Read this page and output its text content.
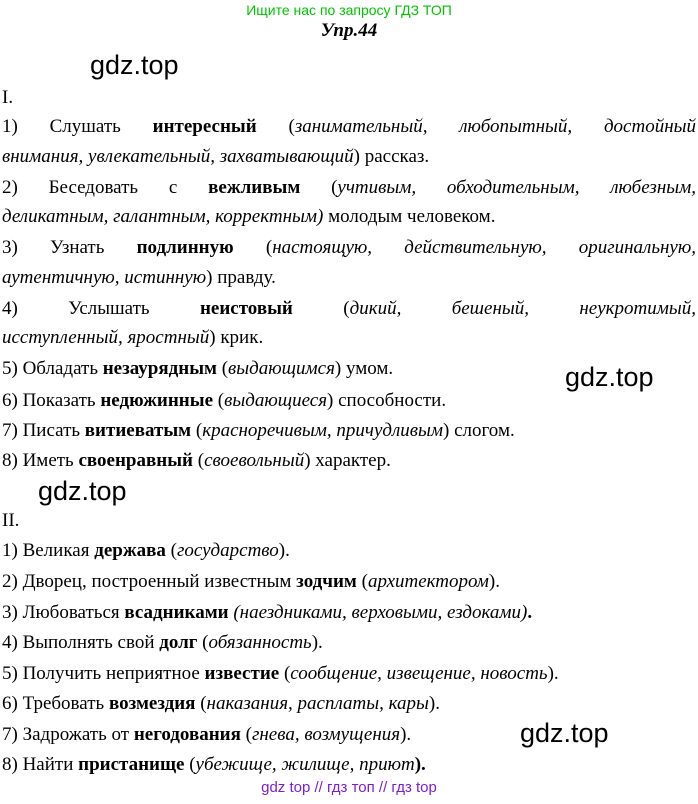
Ищите нас по запросу ГДЗ ТОП
Упр.44
gdz.top
gdz.top
gdz.top
gdz.top
I.
1) Слушать интересный (занимательный, любопытный, достойный
внимания, увлекательный, захватывающий) рассказ.
2) Беседовать с вежливым (учтивым, обходительным, любезным,
деликатным, галантным, корректным) молодым человеком.
3) Узнать подлинную (настоящую, действительную, оригинальную,
аутентичную, истинную) правду.
4) Услышать неистовый (дикий, бешеный, неукротимый,
исступленный, яростный) крик.
5) Обладать незаурядным (выдающимся) умом.
6) Показать недюжинные (выдающиеся) способности.
7) Писать витиеватым (красноречивым, причудливым) слогом.
8) Иметь своенравный (своевольный) характер.
II.
1) Великая держава (государство).
2) Дворец, построенный известным зодчим (архитектором).
3) Любоваться всадниками (наездниками, верховыми, ездоками).
4) Выполнять свой долг (обязанность).
5) Получить неприятное известие (сообщение, извещение, новость).
6) Требовать возмездия (наказания, расплаты, кары).
7) Задрожать от негодования (гнева, возмущения).
8) Найти пристанище (убежище, жилище, приют).
gdz top // гдз топ // гдз top
